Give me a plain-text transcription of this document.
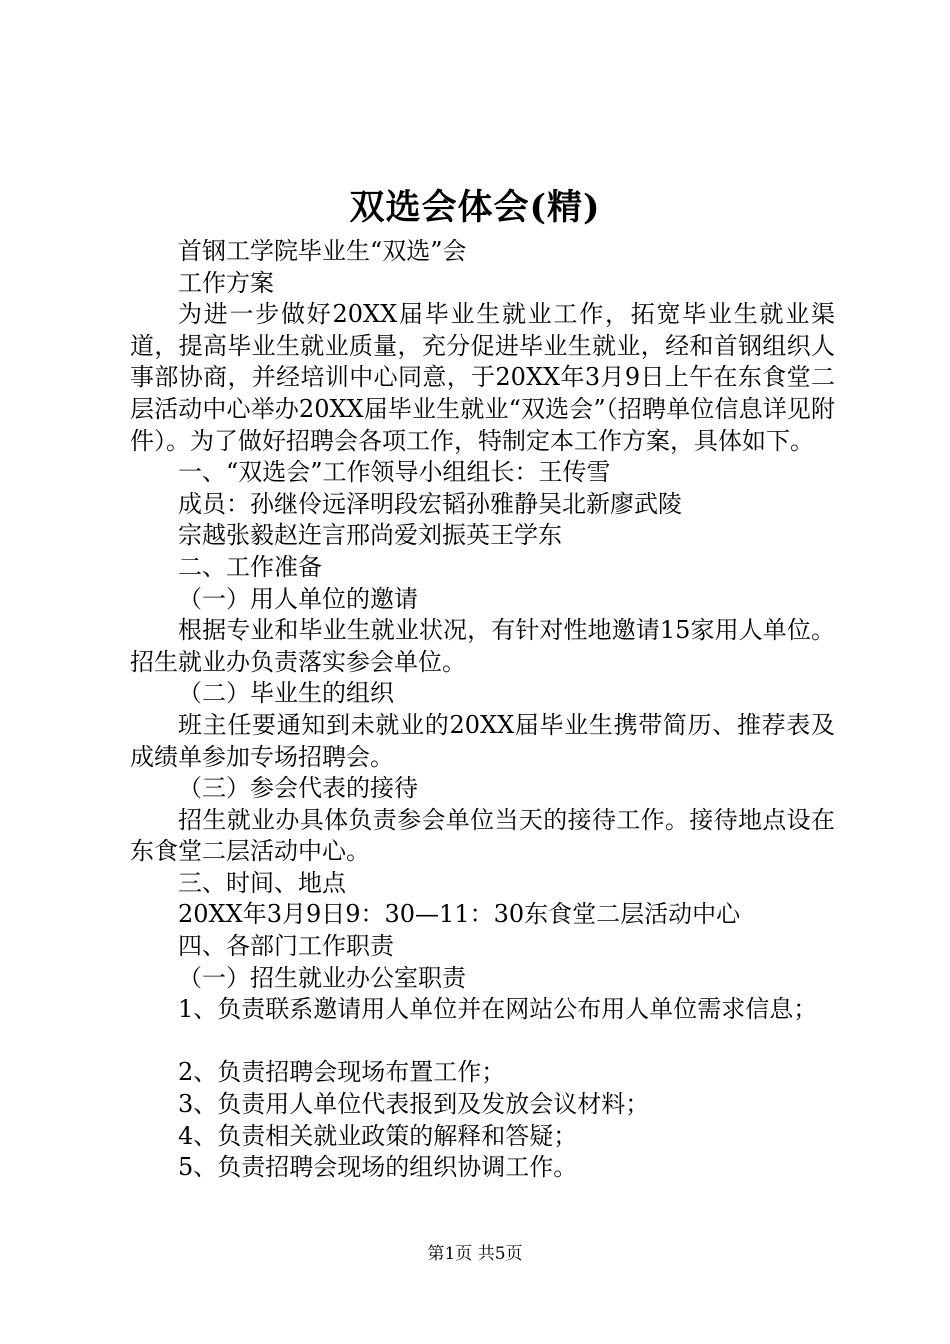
双选会体会(精)

首钢工学院毕业生“双选”会

工作方案

为进一步做好20XX届毕业生就业工作，拓宽毕业生就业渠道，提高毕业生就业质量，充分促进毕业生就业，经和首钢组织人事部协商，并经培训中心同意，于20XX年3月9日上午在东食堂二层活动中心举办20XX届毕业生就业“双选会”（招聘单位信息详见附件）。为了做好招聘会各项工作，特制定本工作方案，具体如下。

一、“双选会”工作领导小组组长：王传雪

成员：孙继伶远泽明段宏韬孙雅静吴北新廖武陵

宗越张毅赵迕言邢尚爱刘振英王学东

二、工作准备

（一）用人单位的邀请

根据专业和毕业生就业状况，有针对性地邀请15家用人单位。招生就业办负责落实参会单位。

（二）毕业生的组织

班主任要通知到未就业的20XX届毕业生携带简历、推荐表及成绩单参加专场招聘会。

（三）参会代表的接待

招生就业办具体负责参会单位当天的接待工作。接待地点设在东食堂二层活动中心。

三、时间、地点

20XX年3月9日9：30—11：30东食堂二层活动中心

四、各部门工作职责

（一）招生就业办公室职责

1、负责联系邀请用人单位并在网站公布用人单位需求信息；

2、负责招聘会现场布置工作；

3、负责用人单位代表报到及发放会议材料；

4、负责相关就业政策的解释和答疑；

5、负责招聘会现场的组织协调工作。

第1页 共5页
